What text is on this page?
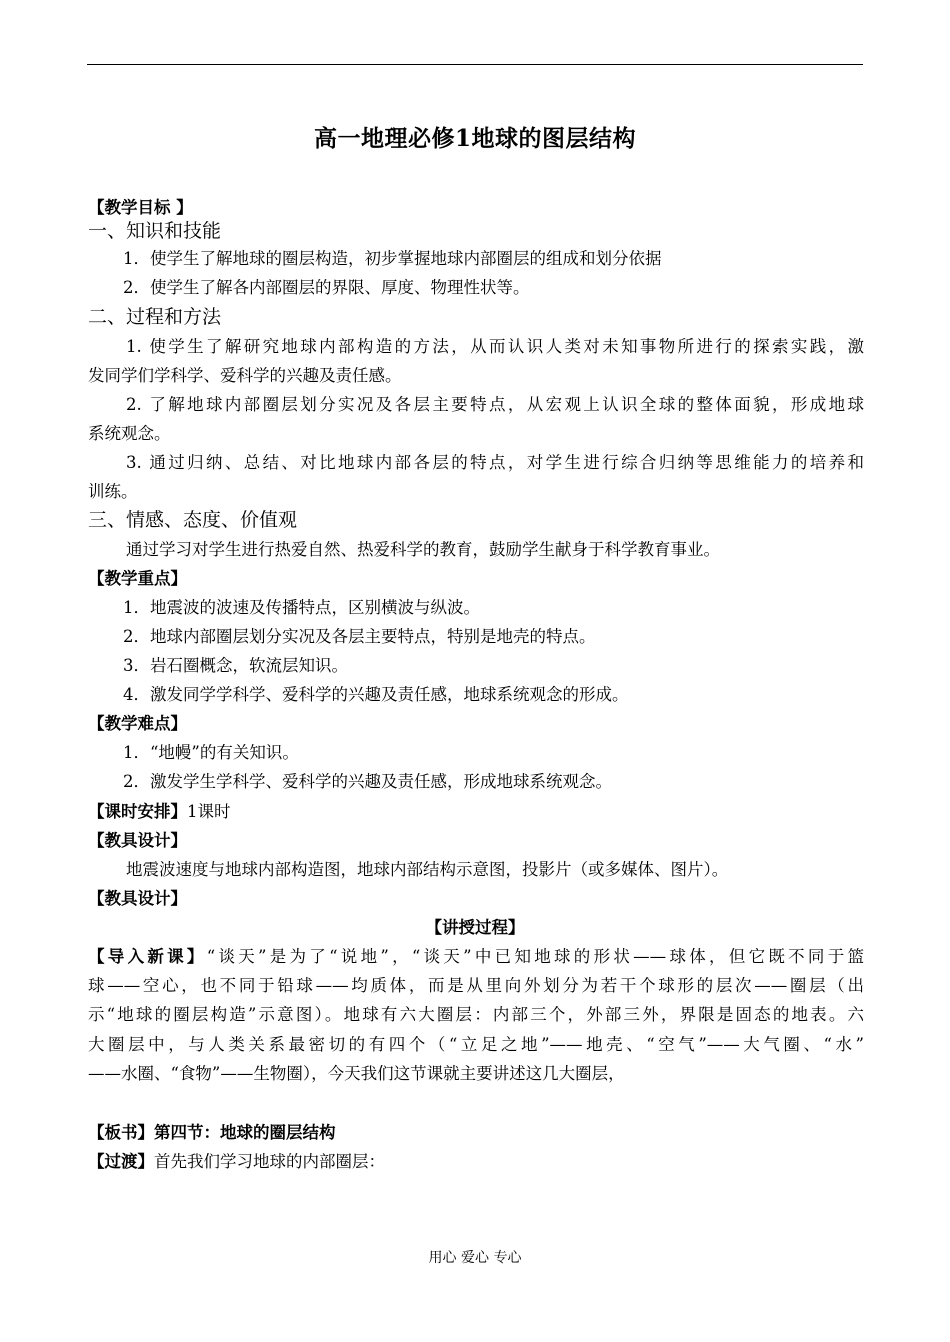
高一地理必修1地球的图层结构
【教学目标 】
一、知识和技能
1．使学生了解地球的圈层构造，初步掌握地球内部圈层的组成和划分依据
2．使学生了解各内部圈层的界限、厚度、物理性状等。
二、过程和方法
1. 使学生了解研究地球内部构造的方法，从而认识人类对未知事物所进行的探索实践，激
发同学们学科学、爱科学的兴趣及责任感。
2. 了解地球内部圈层划分实况及各层主要特点，从宏观上认识全球的整体面貌，形成地球
系统观念。
3. 通过归纳、总结、对比地球内部各层的特点，对学生进行综合归纳等思维能力的培养和
训练。
三、情感、态度、价值观
通过学习对学生进行热爱自然、热爱科学的教育，鼓励学生献身于科学教育事业。
【教学重点】
1．地震波的波速及传播特点，区别横波与纵波。
2．地球内部圈层划分实况及各层主要特点，特别是地壳的特点。
3．岩石圈概念，软流层知识。
4．激发同学学科学、爱科学的兴趣及责任感，地球系统观念的形成。
【教学难点】
1．“地幔”的有关知识。
2．激发学生学科学、爱科学的兴趣及责任感，形成地球系统观念。
【课时安排】1课时
【教具设计】
地震波速度与地球内部构造图，地球内部结构示意图，投影片（或多媒体、图片）。
【教具设计】
【讲授过程】
【导入新课】“谈天”是为了“说地”，“谈天”中已知地球的形状——球体，但它既不同于篮
球——空心，也不同于铅球——均质体，而是从里向外划分为若干个球形的层次——圈层（出
示“地球的圈层构造”示意图）。地球有六大圈层：内部三个，外部三外，界限是固态的地表。六
大圈层中，与人类关系最密切的有四个（“立足之地”——地壳、“空气”——大气圈、“水”
——水圈、“食物”——生物圈），今天我们这节课就主要讲述这几大圈层，
【板书】第四节：地球的圈层结构
【过渡】首先我们学习地球的内部圈层：
用心 爱心 专心
